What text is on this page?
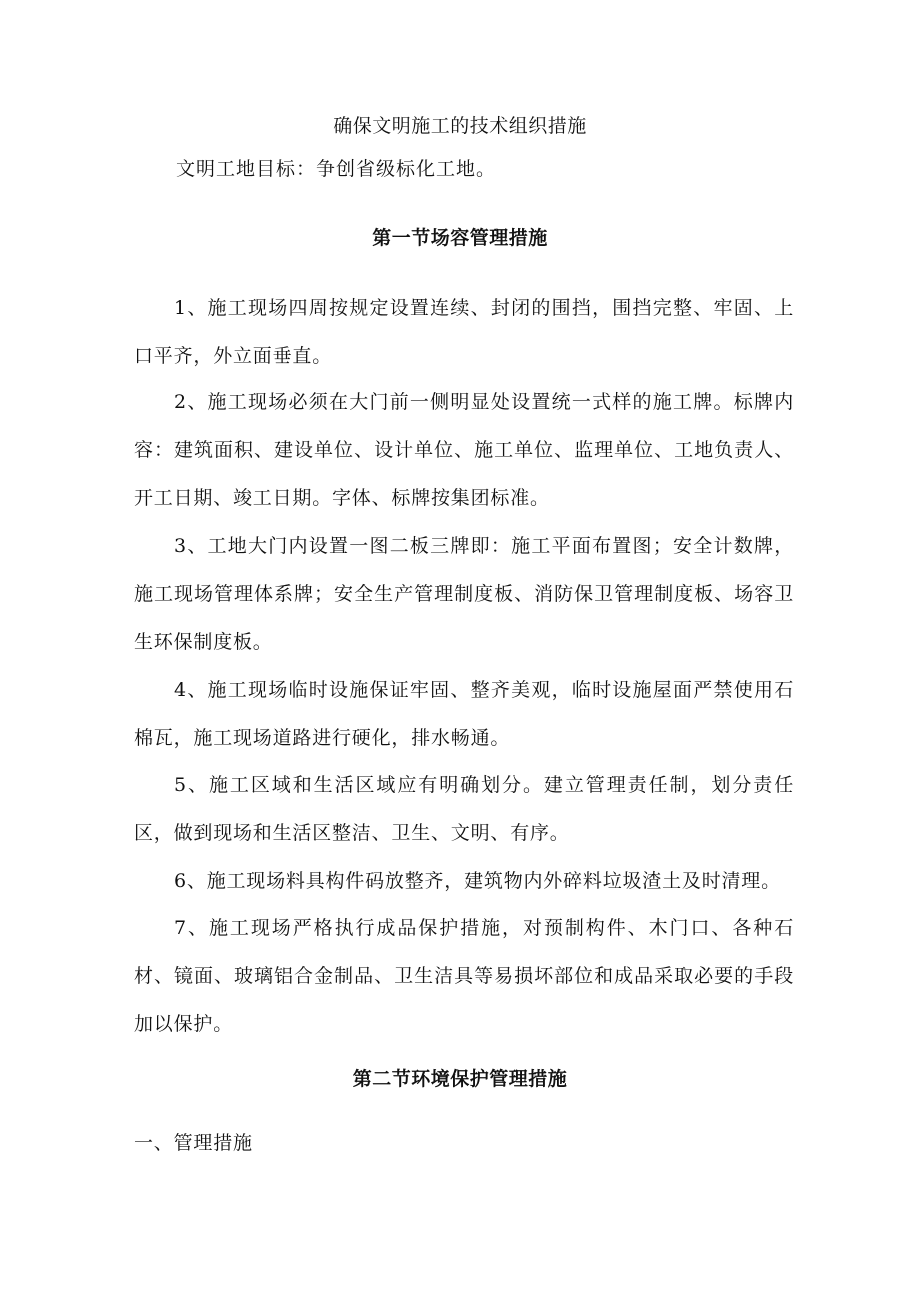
确保文明施工的技术组织措施
文明工地目标：争创省级标化工地。
第一节场容管理措施
1、施工现场四周按规定设置连续、封闭的围挡，围挡完整、牢固、上口平齐，外立面垂直。
2、施工现场必须在大门前一侧明显处设置统一式样的施工牌。标牌内容：建筑面积、建设单位、设计单位、施工单位、监理单位、工地负责人、开工日期、竣工日期。字体、标牌按集团标准。
3、工地大门内设置一图二板三牌即：施工平面布置图；安全计数牌，施工现场管理体系牌；安全生产管理制度板、消防保卫管理制度板、场容卫生环保制度板。
4、施工现场临时设施保证牢固、整齐美观，临时设施屋面严禁使用石棉瓦，施工现场道路进行硬化，排水畅通。
5、施工区域和生活区域应有明确划分。建立管理责任制，划分责任区，做到现场和生活区整洁、卫生、文明、有序。
6、施工现场料具构件码放整齐，建筑物内外碎料垃圾渣土及时清理。
7、施工现场严格执行成品保护措施，对预制构件、木门口、各种石材、镜面、玻璃铝合金制品、卫生洁具等易损坏部位和成品采取必要的手段加以保护。
第二节环境保护管理措施
一、管理措施
